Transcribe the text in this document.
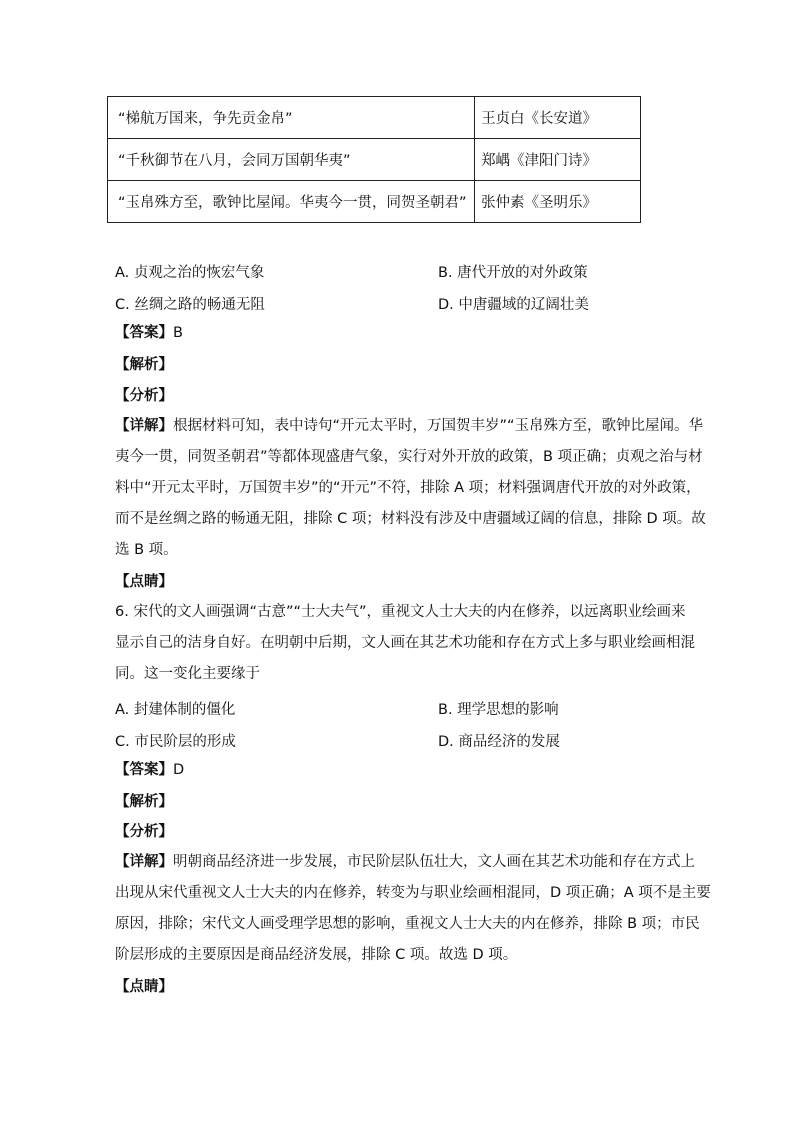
“梯航万国来，争先贡金帛”	王贞白《长安道》
“千秋御节在八月，会同万国朝华夷”	郑嵎《津阳门诗》
“玉帛殊方至，歌钟比屋闻。华夷今一贯，同贺圣朝君”	张仲素《圣明乐》
A. 贞观之治的恢宏气象	B. 唐代开放的对外政策
C. 丝绸之路的畅通无阻	D. 中唐疆域的辽阔壮美
【答案】B
【解析】
【分析】
【详解】根据材料可知，表中诗句“开元太平时，万国贺丰岁”“玉帛殊方至，歌钟比屋闻。华
夷今一贯，同贺圣朝君”等都体现盛唐气象，实行对外开放的政策，B 项正确；贞观之治与材
料中“开元太平时，万国贺丰岁”的“开元”不符，排除 A 项；材料强调唐代开放的对外政策，
而不是丝绸之路的畅通无阻，排除 C 项；材料没有涉及中唐疆域辽阔的信息，排除 D 项。故
选 B 项。
【点睛】
6. 宋代的文人画强调“古意”“士大夫气”，重视文人士大夫的内在修养，以远离职业绘画来
显示自己的洁身自好。在明朝中后期，文人画在其艺术功能和存在方式上多与职业绘画相混
同。这一变化主要缘于
A. 封建体制的僵化	B. 理学思想的影响
C. 市民阶层的形成	D. 商品经济的发展
【答案】D
【解析】
【分析】
【详解】明朝商品经济进一步发展，市民阶层队伍壮大，文人画在其艺术功能和存在方式上
出现从宋代重视文人士大夫的内在修养，转变为与职业绘画相混同，D 项正确；A 项不是主要
原因，排除；宋代文人画受理学思想的影响，重视文人士大夫的内在修养，排除 B 项；市民
阶层形成的主要原因是商品经济发展，排除 C 项。故选 D 项。
【点睛】
